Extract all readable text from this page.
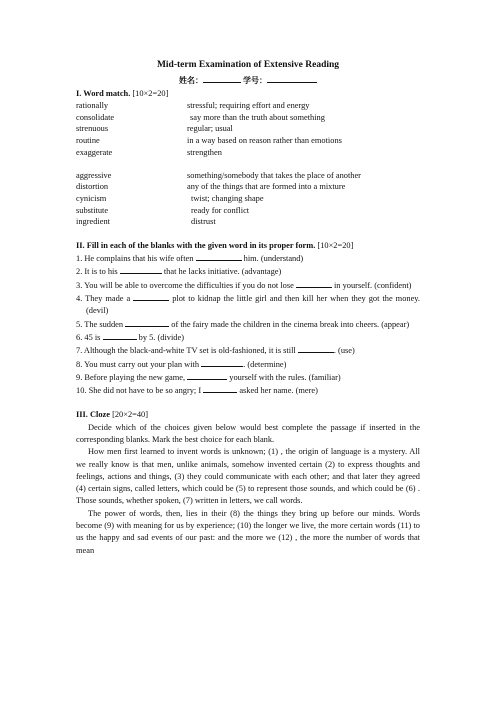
Mid-term Examination of Extensive Reading
姓名：	学号：
I. Word match. [10×2=20]
rationally	stressful; requiring effort and energy
consolidate	say more than the truth about something
strenuous	regular; usual
routine	in a way based on reason rather than emotions
exaggerate	strengthen
aggressive	something/somebody that takes the place of another
distortion	any of the things that are formed into a mixture
cynicism	twist; changing shape
substitute	ready for conflict
ingredient	distrust
II. Fill in each of the blanks with the given word in its proper form. [10×2=20]
1. He complains that his wife often	him. (understand)
2. It is to his	that he lacks initiative. (advantage)
3. You will be able to overcome the difficulties if you do not lose	in yourself. (confident)
4. They made a	plot to kidnap the little girl and then kill her when they got the money. (devil)
5. The sudden	of the fairy made the children in the cinema break into cheers. (appear)
6. 45 is	by 5. (divide)
7. Although the black-and-white TV set is old-fashioned, it is still	. (use)
8. You must carry out your plan with	. (determine)
9. Before playing the new game,	yourself with the rules. (familiar)
10. She did not have to be so angry; I	asked her name. (mere)
III. Cloze [20×2=40]
Decide which of the choices given below would best complete the passage if inserted in the corresponding blanks. Mark the best choice for each blank.
How men first learned to invent words is unknown; (1) , the origin of language is a mystery. All we really know is that men, unlike animals, somehow invented certain (2) to express thoughts and feelings, actions and things, (3) they could communicate with each other; and that later they agreed (4) certain signs, called letters, which could be (5) to represent those sounds, and which could be (6) . Those sounds, whether spoken, (7) written in letters, we call words.
The power of words, then, lies in their (8) the things they bring up before our minds. Words become (9) with meaning for us by experience; (10) the longer we live, the more certain words (11) to us the happy and sad events of our past: and the more we (12) , the more the number of words that mean
